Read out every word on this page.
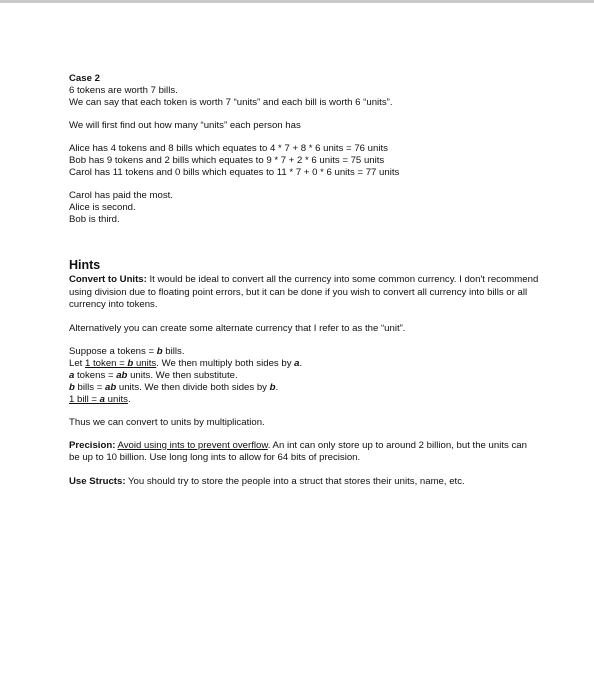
Case 2
6 tokens are worth 7 bills.
We can say that each token is worth 7 “units” and each bill is worth 6 “units”.
We will first find out how many “units” each person has
Alice has 4 tokens and 8 bills which equates to 4 * 7 + 8 * 6 units = 76 units
Bob has 9 tokens and 2 bills which equates to 9 * 7 + 2 * 6 units = 75 units
Carol has 11 tokens and 0 bills which equates to 11 * 7 + 0 * 6 units = 77 units
Carol has paid the most.
Alice is second.
Bob is third.
Hints
Convert to Units: It would be ideal to convert all the currency into some common currency. I don't recommend using division due to floating point errors, but it can be done if you wish to convert all currency into bills or all currency into tokens.
Alternatively you can create some alternate currency that I refer to as the “unit”.
Suppose a tokens = b bills.
Let 1 token = b units. We then multiply both sides by a.
a tokens = ab units. We then substitute.
b bills = ab units. We then divide both sides by b.
1 bill = a units.
Thus we can convert to units by multiplication.
Precision: Avoid using ints to prevent overflow. An int can only store up to around 2 billion, but the units can be up to 10 billion. Use long long ints to allow for 64 bits of precision.
Use Structs: You should try to store the people into a struct that stores their units, name, etc.
